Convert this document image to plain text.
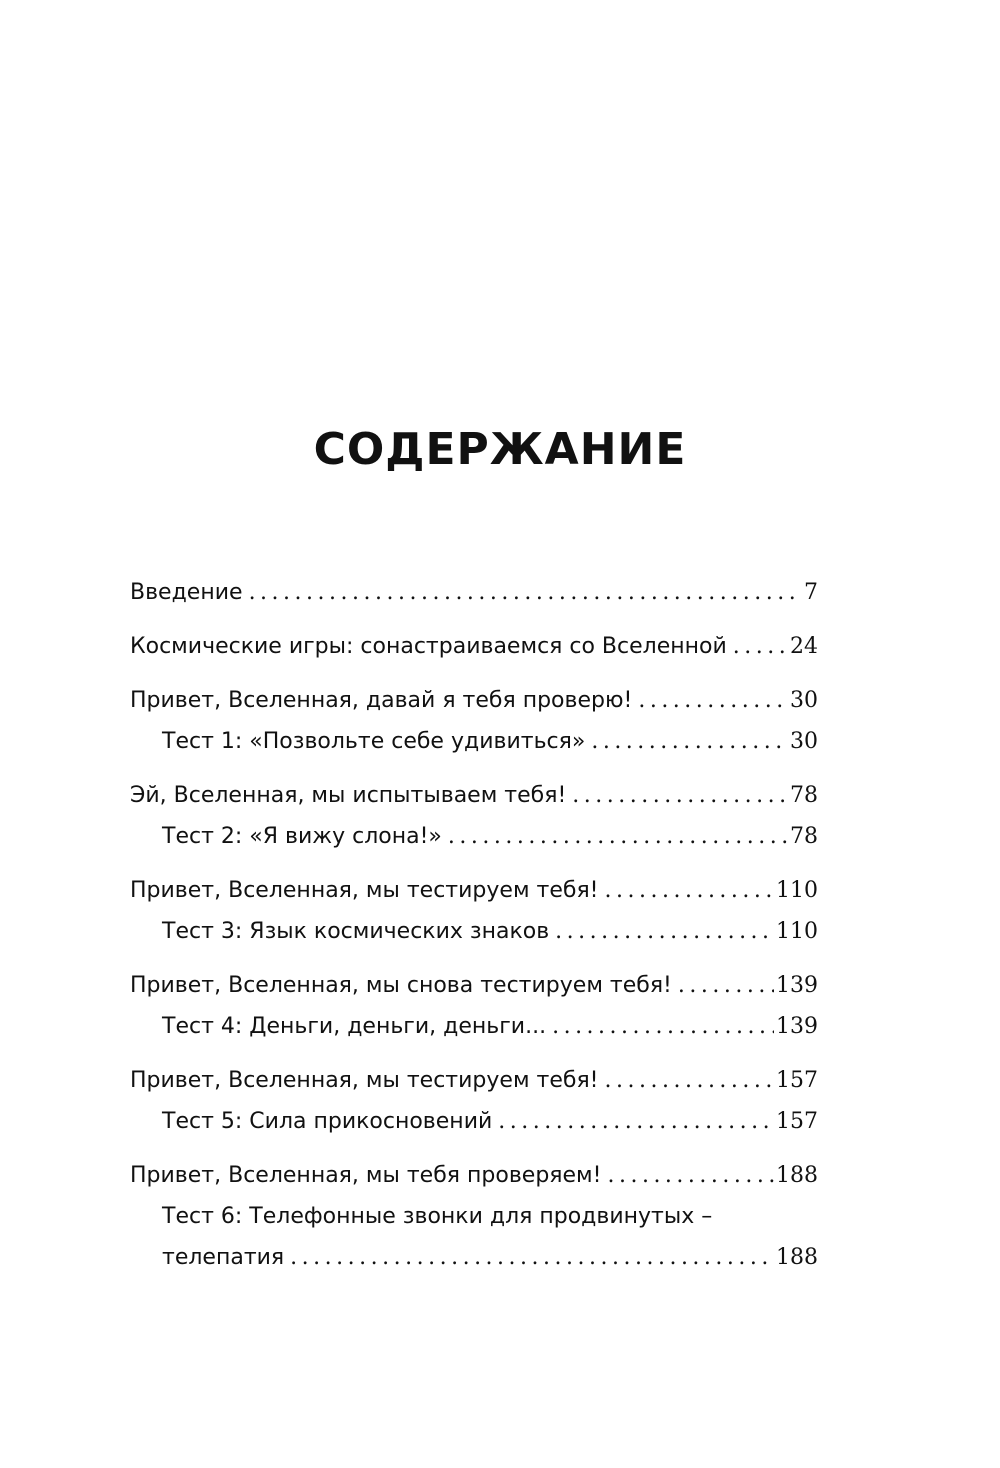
СОДЕРЖАНИЕ
Введение .....	7
Космические игры: сонастраиваемся со Вселенной .....	24
Привет, Вселенная, давай я тебя проверю! .....	30
Тест 1: «Позвольте себе удивиться» .....	30
Эй, Вселенная, мы испытываем тебя! .....	78
Тест 2: «Я вижу слона!» .....	78
Привет, Вселенная, мы тестируем тебя! .....	110
Тест 3: Язык космических знаков .....	110
Привет, Вселенная, мы снова тестируем тебя! .....	139
Тест 4: Деньги, деньги, деньги... .....	139
Привет, Вселенная, мы тестируем тебя! .....	157
Тест 5: Сила прикосновений .....	157
Привет, Вселенная, мы тебя проверяем! .....	188
Тест 6: Телефонные звонки для продвинутых –
телепатия .....	188
